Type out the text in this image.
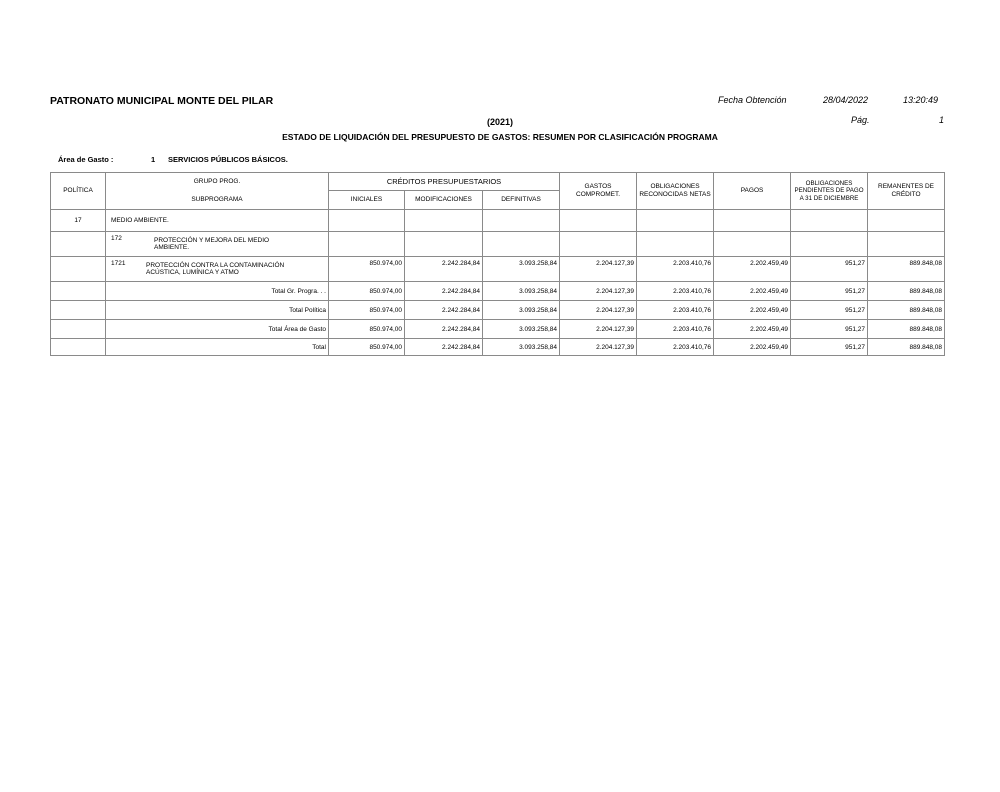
PATRONATO MUNICIPAL MONTE DEL PILAR	Fecha Obtención	28/04/2022	13:20:49
Pág.	1
(2021)
ESTADO DE LIQUIDACIÓN DEL PRESUPUESTO DE GASTOS: RESUMEN POR CLASIFICACIÓN PROGRAMA
Área de Gasto :	1 SERVICIOS PÚBLICOS BÁSICOS.
POLÍTICA	GRUPO PROG.	CRÉDITOS PRESUPUESTARIOS			GASTOS COMPROMET.	OBLIGACIONES RECONOCIDAS NETAS	PAGOS	OBLIGACIONES PENDIENTES DE PAGO A 31 DE DICIEMBRE	REMANENTES DE CRÉDITO
	SUBPROGRAMA	INICIALES	MODIFICACIONES	DEFINITIVAS					
17	MEDIO AMBIENTE.								

	172 PROTECCIÓN Y MEJORA DEL MEDIO AMBIENTE.								

	1721 PROTECCIÓN CONTRA LA CONTAMINACIÓN ACÚSTICA, LUMÍNICA Y ATMO	850.974,00	2.242.284,84	3.093.258,84	2.204.127,39	2.203.410,76	2.202.459,49	951,27	889.848,08
	Total Gr. Progra. . .	850.974,00	2.242.284,84	3.093.258,84	2.204.127,39	2.203.410,76	2.202.459,49	951,27	889.848,08
	Total Política	850.974,00	2.242.284,84	3.093.258,84	2.204.127,39	2.203.410,76	2.202.459,49	951,27	889.848,08
	Total Área de Gasto	850.974,00	2.242.284,84	3.093.258,84	2.204.127,39	2.203.410,76	2.202.459,49	951,27	889.848,08
	Total	850.974,00	2.242.284,84	3.093.258,84	2.204.127,39	2.203.410,76	2.202.459,49	951,27	889.848,08
